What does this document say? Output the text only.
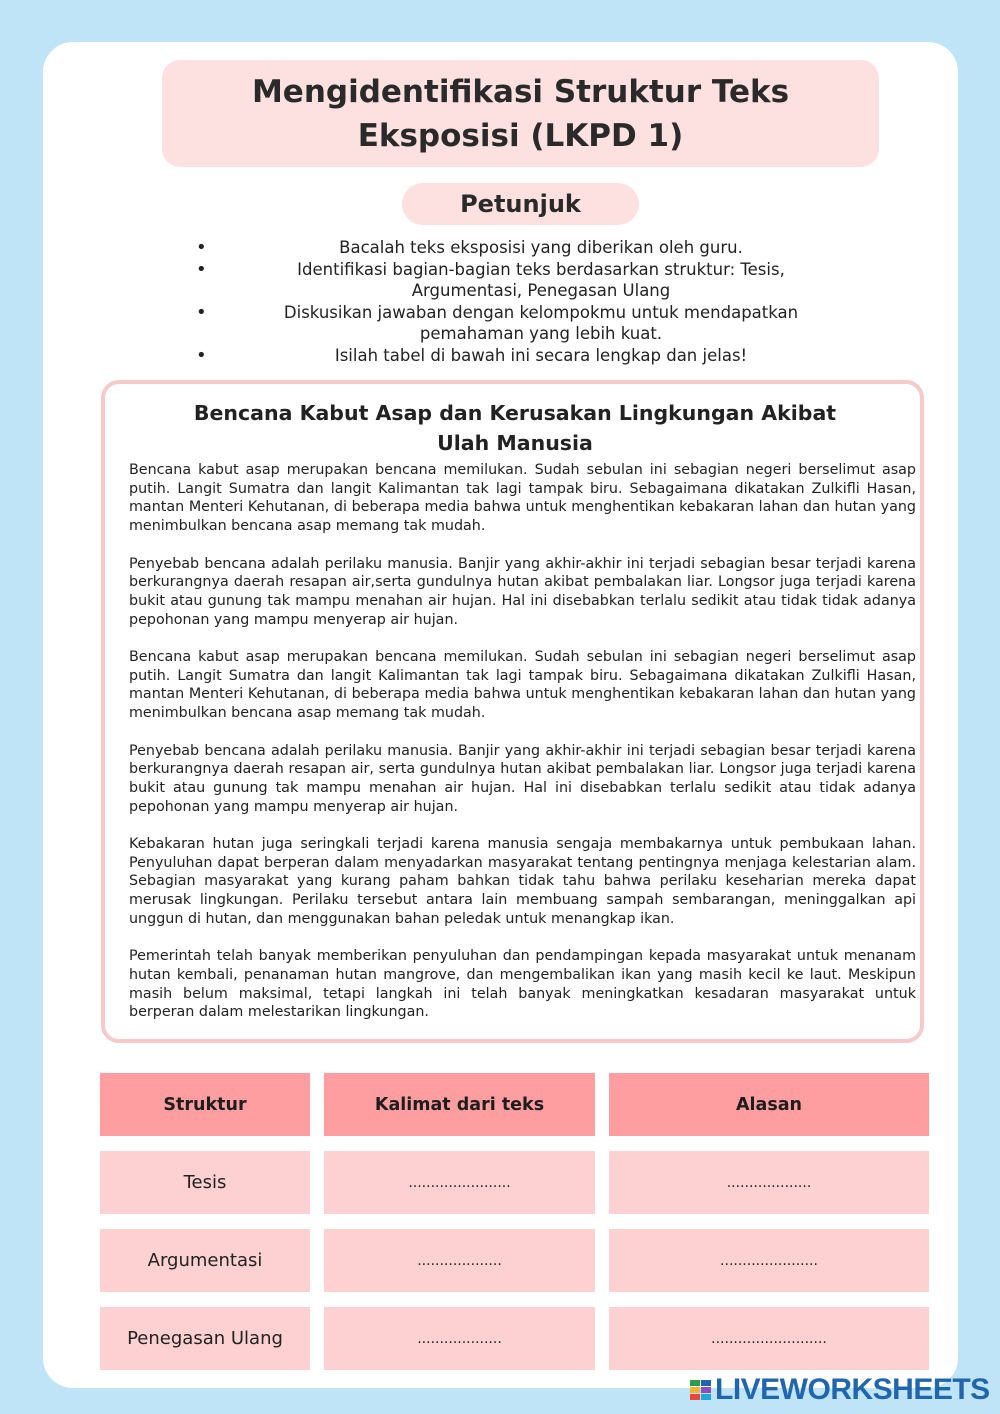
Mengidentifikasi Struktur Teks Eksposisi (LKPD 1)
Petunjuk
•	Bacalah teks eksposisi yang diberikan oleh guru.
•	Identifikasi bagian-bagian teks berdasarkan struktur: Tesis, Argumentasi, Penegasan Ulang
•	Diskusikan jawaban dengan kelompokmu untuk mendapatkan pemahaman yang lebih kuat.
•	Isilah tabel di bawah ini secara lengkap dan jelas!
Bencana Kabut Asap dan Kerusakan Lingkungan Akibat Ulah Manusia

Bencana kabut asap merupakan bencana memilukan. Sudah sebulan ini sebagian negeri berselimut asap putih. Langit Sumatra dan langit Kalimantan tak lagi tampak biru. Sebagaimana dikatakan Zulkifli Hasan, mantan Menteri Kehutanan, di beberapa media bahwa untuk menghentikan kebakaran lahan dan hutan yang menimbulkan bencana asap memang tak mudah.

Penyebab bencana adalah perilaku manusia. Banjir yang akhir-akhir ini terjadi sebagian besar terjadi karena berkurangnya daerah resapan air,serta gundulnya hutan akibat pembalakan liar. Longsor juga terjadi karena bukit atau gunung tak mampu menahan air hujan. Hal ini disebabkan terlalu sedikit atau tidak tidak adanya pepohonan yang mampu menyerap air hujan.

Bencana kabut asap merupakan bencana memilukan. Sudah sebulan ini sebagian negeri berselimut asap putih. Langit Sumatra dan langit Kalimantan tak lagi tampak biru. Sebagaimana dikatakan Zulkifli Hasan, mantan Menteri Kehutanan, di beberapa media bahwa untuk menghentikan kebakaran lahan dan hutan yang menimbulkan bencana asap memang tak mudah.

Penyebab bencana adalah perilaku manusia. Banjir yang akhir-akhir ini terjadi sebagian besar terjadi karena berkurangnya daerah resapan air, serta gundulnya hutan akibat pembalakan liar. Longsor juga terjadi karena bukit atau gunung tak mampu menahan air hujan. Hal ini disebabkan terlalu sedikit atau tidak adanya pepohonan yang mampu menyerap air hujan.

Kebakaran hutan juga seringkali terjadi karena manusia sengaja membakarnya untuk pembukaan lahan. Penyuluhan dapat berperan dalam menyadarkan masyarakat tentang pentingnya menjaga kelestarian alam. Sebagian masyarakat yang kurang paham bahkan tidak tahu bahwa perilaku keseharian mereka dapat merusak lingkungan. Perilaku tersebut antara lain membuang sampah sembarangan, meninggalkan api unggun di hutan, dan menggunakan bahan peledak untuk menangkap ikan.

Pemerintah telah banyak memberikan penyuluhan dan pendampingan kepada masyarakat untuk menanam hutan kembali, penanaman hutan mangrove, dan mengembalikan ikan yang masih kecil ke laut. Meskipun masih belum maksimal, tetapi langkah ini telah banyak meningkatkan kesadaran masyarakat untuk berperan dalam melestarikan lingkungan.

Struktur	Kalimat dari teks	Alasan
Tesis	.......................	...................
Argumentasi	...................	......................
Penegasan Ulang	...................	..........................
LIVEWORKSHEETS
